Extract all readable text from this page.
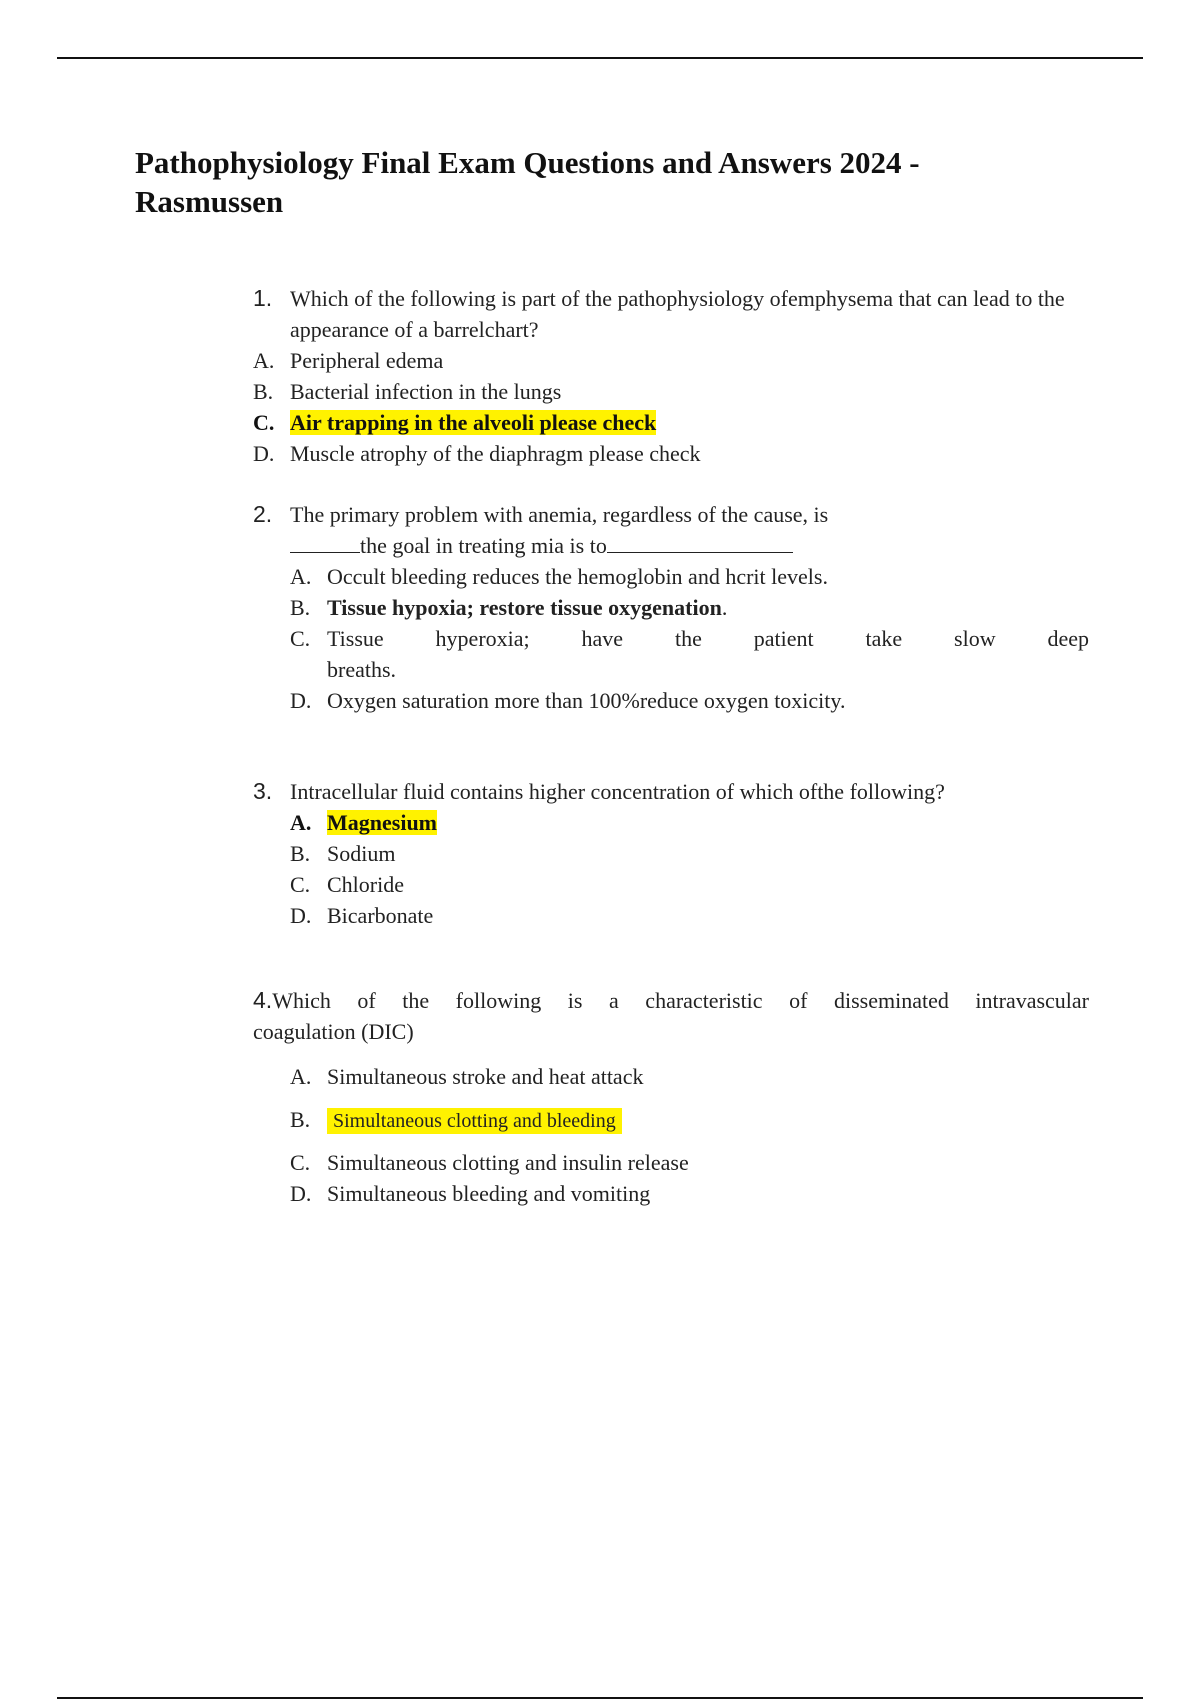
Pathophysiology Final Exam Questions and Answers 2024 -
Rasmussen
1. Which of the following is part of the pathophysiology ofemphysema that can lead to the appearance of a barrelchart?
A. Peripheral edema
B. Bacterial infection in the lungs
C. Air trapping in the alveoli please check
D. Muscle atrophy of the diaphragm please check
2. The primary problem with anemia, regardless of the cause, is
the goal in treating mia is to
A. Occult bleeding reduces the hemoglobin and hcrit levels.
B. Tissue hypoxia; restore tissue oxygenation.
C. Tissue hyperoxia; have the patient take slow deep
breaths.
D. Oxygen saturation more than 100%reduce oxygen toxicity.
3. Intracellular fluid contains higher concentration of which ofthe following?
A. Magnesium
B. Sodium
C. Chloride
D. Bicarbonate
4.Which of the following is a characteristic of disseminated intravascular
coagulation (DIC)
A. Simultaneous stroke and heat attack
B.	Simultaneous clotting and bleeding
C. Simultaneous clotting and insulin release
D. Simultaneous bleeding and vomiting
